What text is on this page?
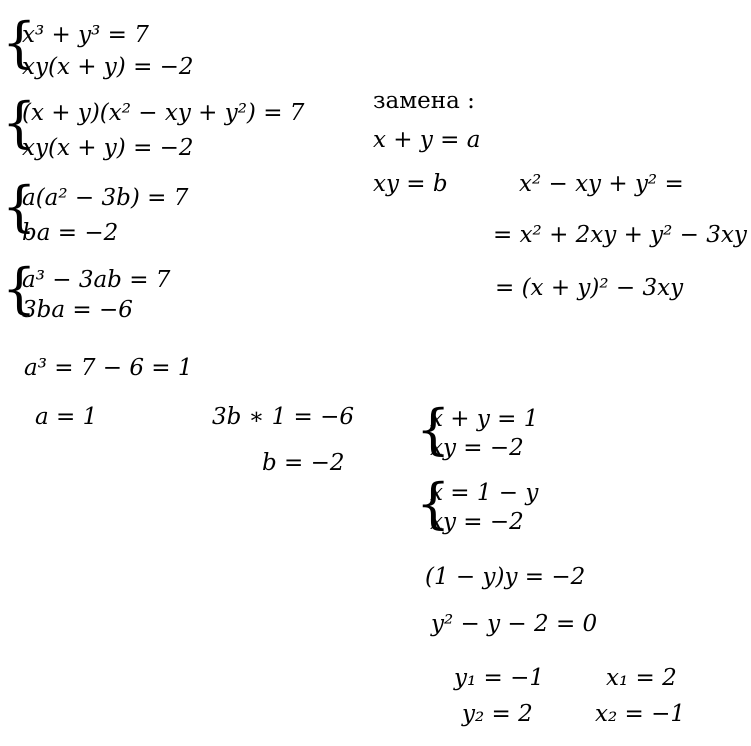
{
x³ + y³ = 7
xy(x + y) = −2
{
(x + y)(x² − xy + y²) = 7
xy(x + y) = −2
{
a(a² − 3b) = 7
ba = −2
{
a³ − 3ab = 7
3ba = −6
a³ = 7 − 6 = 1
a = 1	3b ∗ 1 = −6
b = −2
замена :
x + y = a
xy = b	x² − xy + y² =
= x² + 2xy + y² − 3xy
= (x + y)² − 3xy
{
x + y = 1
xy = −2
{
x = 1 − y
xy = −2
(1 − y)y = −2
y² − y − 2 = 0
y₁ = −1
y₂ = 2
x₁ = 2
x₂ = −1
